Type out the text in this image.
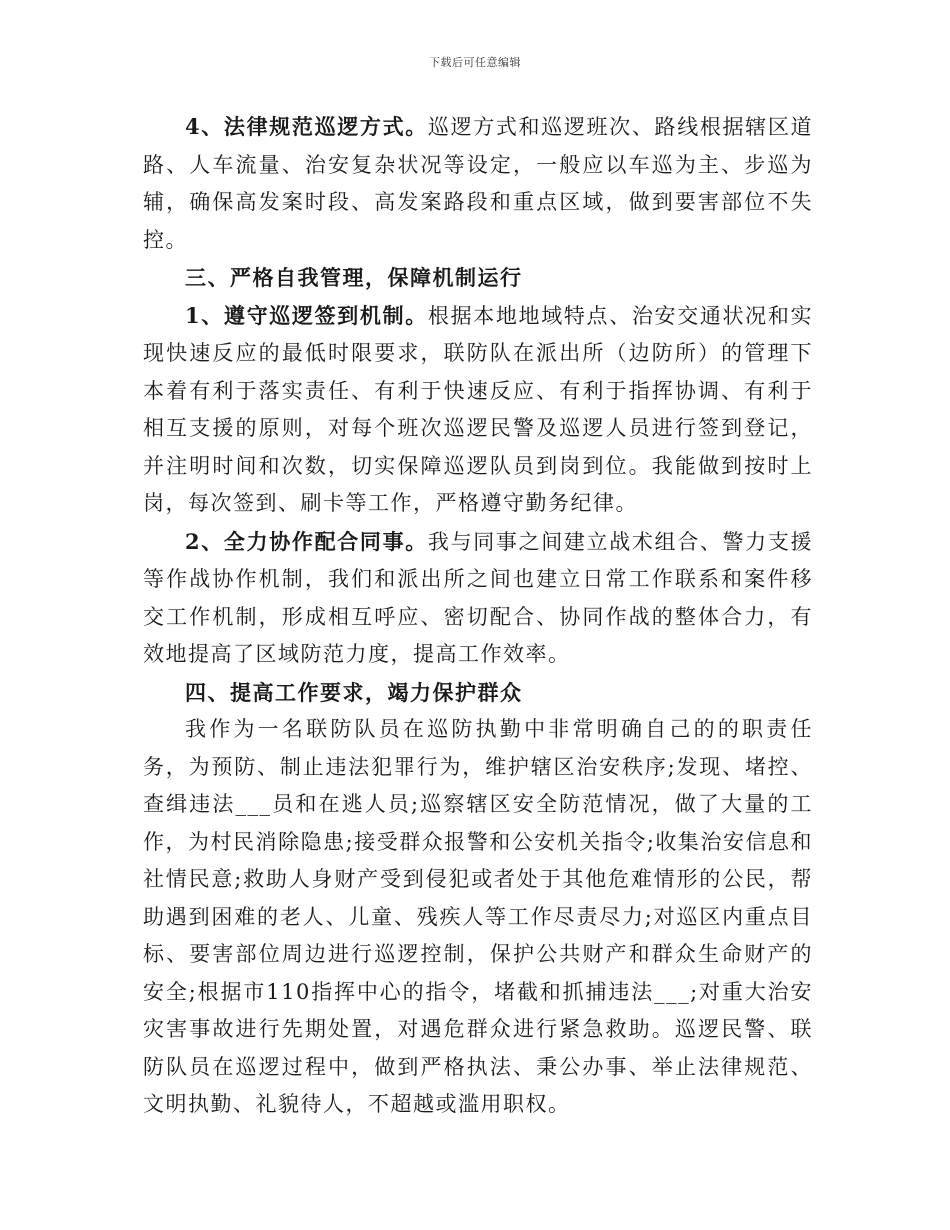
下载后可任意编辑

4、法律规范巡逻方式。巡逻方式和巡逻班次、路线根据辖区道路、人车流量、治安复杂状况等设定，一般应以车巡为主、步巡为辅，确保高发案时段、高发案路段和重点区域，做到要害部位不失控。

三、严格自我管理，保障机制运行

1、遵守巡逻签到机制。根据本地地域特点、治安交通状况和实现快速反应的最低时限要求，联防队在派出所（边防所）的管理下本着有利于落实责任、有利于快速反应、有利于指挥协调、有利于相互支援的原则，对每个班次巡逻民警及巡逻人员进行签到登记，并注明时间和次数，切实保障巡逻队员到岗到位。我能做到按时上岗，每次签到、刷卡等工作，严格遵守勤务纪律。

2、全力协作配合同事。我与同事之间建立战术组合、警力支援等作战协作机制，我们和派出所之间也建立日常工作联系和案件移交工作机制，形成相互呼应、密切配合、协同作战的整体合力，有效地提高了区域防范力度，提高工作效率。

四、提高工作要求，竭力保护群众

我作为一名联防队员在巡防执勤中非常明确自己的的职责任务，为预防、制止违法犯罪行为，维护辖区治安秩序;发现、堵控、查缉违法___员和在逃人员;巡察辖区安全防范情况，做了大量的工作，为村民消除隐患;接受群众报警和公安机关指令;收集治安信息和社情民意;救助人身财产受到侵犯或者处于其他危难情形的公民，帮助遇到困难的老人、儿童、残疾人等工作尽责尽力;对巡区内重点目标、要害部位周边进行巡逻控制，保护公共财产和群众生命财产的安全;根据市110指挥中心的指令，堵截和抓捕违法___;对重大治安灾害事故进行先期处置，对遇危群众进行紧急救助。巡逻民警、联防队员在巡逻过程中，做到严格执法、秉公办事、举止法律规范、文明执勤、礼貌待人，不超越或滥用职权。
